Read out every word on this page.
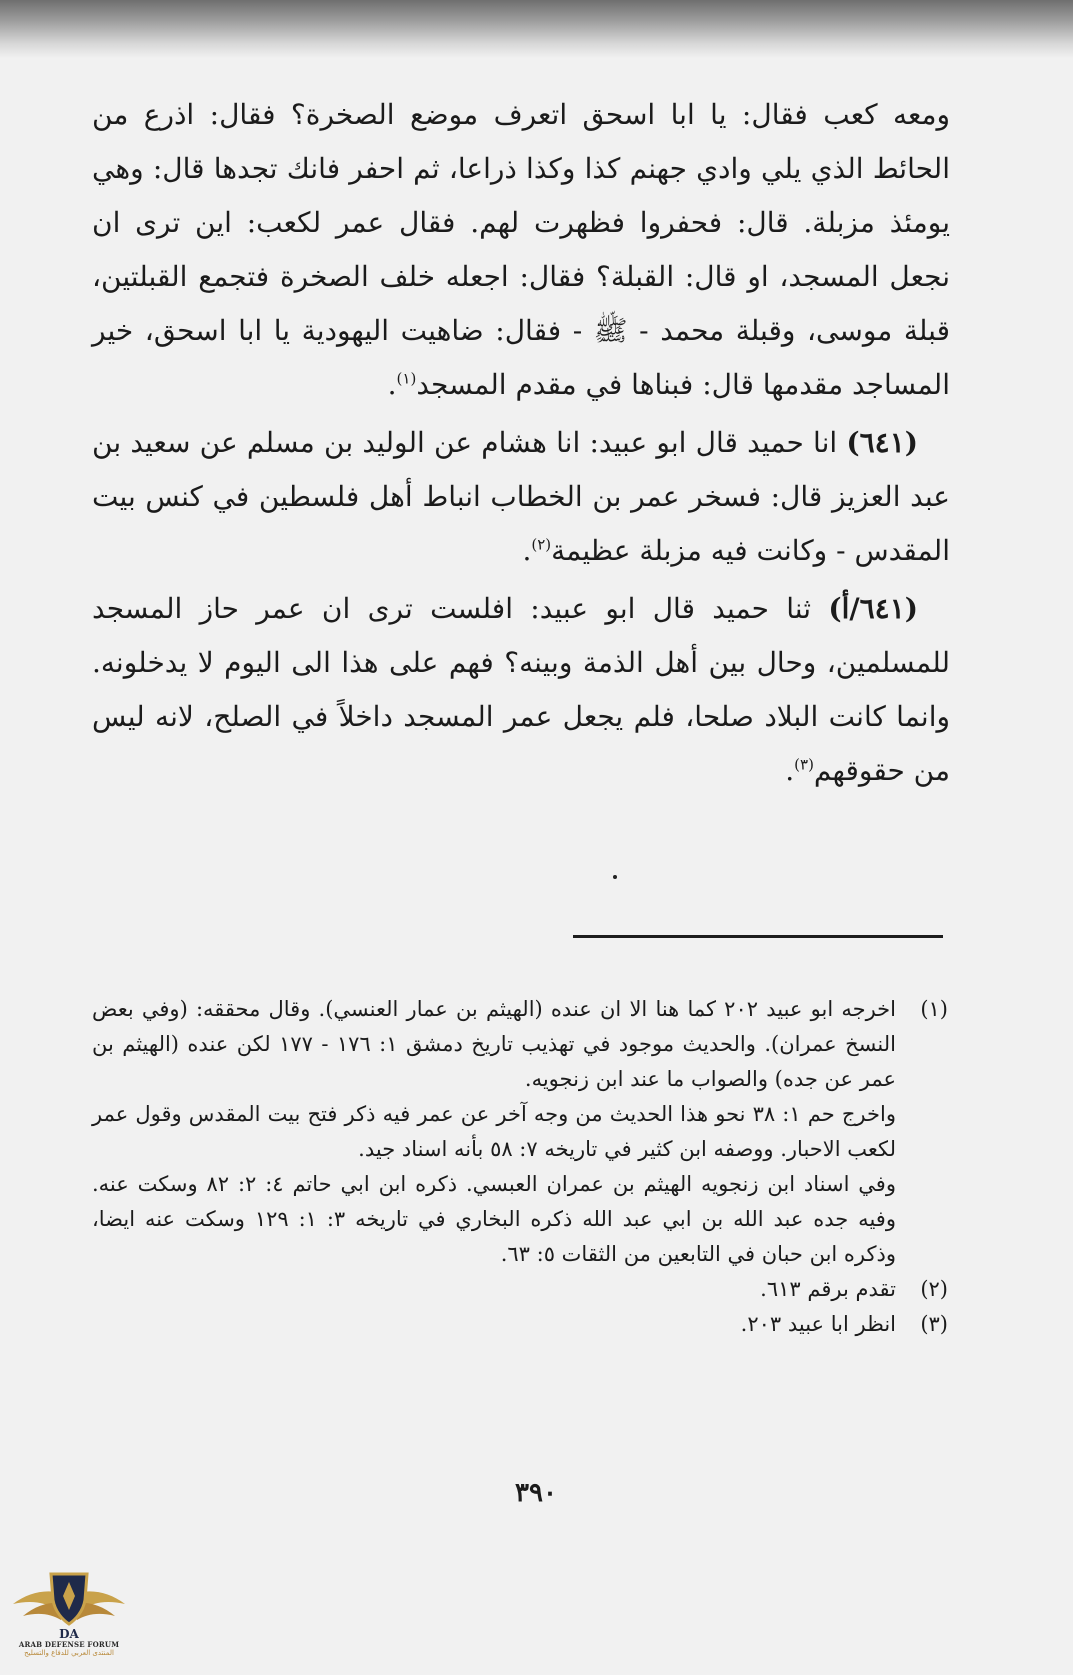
ومعه كعب فقال: يا ابا اسحق اتعرف موضع الصخرة؟ فقال: اذرع من الحائط الذي يلي وادي جهنم كذا وكذا ذراعا، ثم احفر فانك تجدها قال: وهي يومئذ مزبلة. قال: فحفروا فظهرت لهم. فقال عمر لكعب: اين ترى ان نجعل المسجد، او قال: القبلة؟ فقال: اجعله خلف الصخرة فتجمع القبلتين، قبلة موسى، وقبلة محمد - ﷺ - فقال: ضاهيت اليهودية يا ابا اسحق، خير المساجد مقدمها قال: فبناها في مقدم المسجد$^{(١)}$.

(٦٤١) انا حميد قال ابو عبيد: انا هشام عن الوليد بن مسلم عن سعيد بن عبد العزيز قال: فسخر عمر بن الخطاب انباط أهل فلسطين في كنس بيت المقدس - وكانت فيه مزبلة عظيمة$^{(٢)}$.

(٦٤١/أ) ثنا حميد قال ابو عبيد: افلست ترى ان عمر حاز المسجد للمسلمين، وحال بين أهل الذمة وبينه؟ فهم على هذا الى اليوم لا يدخلونه. وانما كانت البلاد صلحا، فلم يجعل عمر المسجد داخلاً في الصلح، لانه ليس من حقوقهم$^{(٣)}$.

(١)
اخرجه ابو عبيد ٢٠٢ كما هنا الا ان عنده (الهيثم بن عمار العنسي). وقال محققه: (وفي بعض النسخ عمران). والحديث موجود في تهذيب تاريخ دمشق ١: ١٧٦ - ١٧٧ لكن عنده (الهيثم بن عمر عن جده) والصواب ما عند ابن زنجويه.
واخرج حم ١: ٣٨ نحو هذا الحديث من وجه آخر عن عمر فيه ذكر فتح بيت المقدس وقول عمر لكعب الاحبار. ووصفه ابن كثير في تاريخه ٧: ٥٨ بأنه اسناد جيد.
وفي اسناد ابن زنجويه الهيثم بن عمران العبسي. ذكره ابن ابي حاتم ٤: ٢: ٨٢ وسكت عنه. وفيه جده عبد الله بن ابي عبد الله ذكره البخاري في تاريخه ٣: ١: ١٢٩ وسكت عنه ايضا، وذكره ابن حبان في التابعين من الثقات ٥: ٦٣.
(٢)
تقدم برقم ٦١٣.
(٣)
انظر ابا عبيد ٢٠٣.
٣٩٠
DA
ARAB DEFENSE FORUM
المنتدى العربي للدفاع والتسليح
